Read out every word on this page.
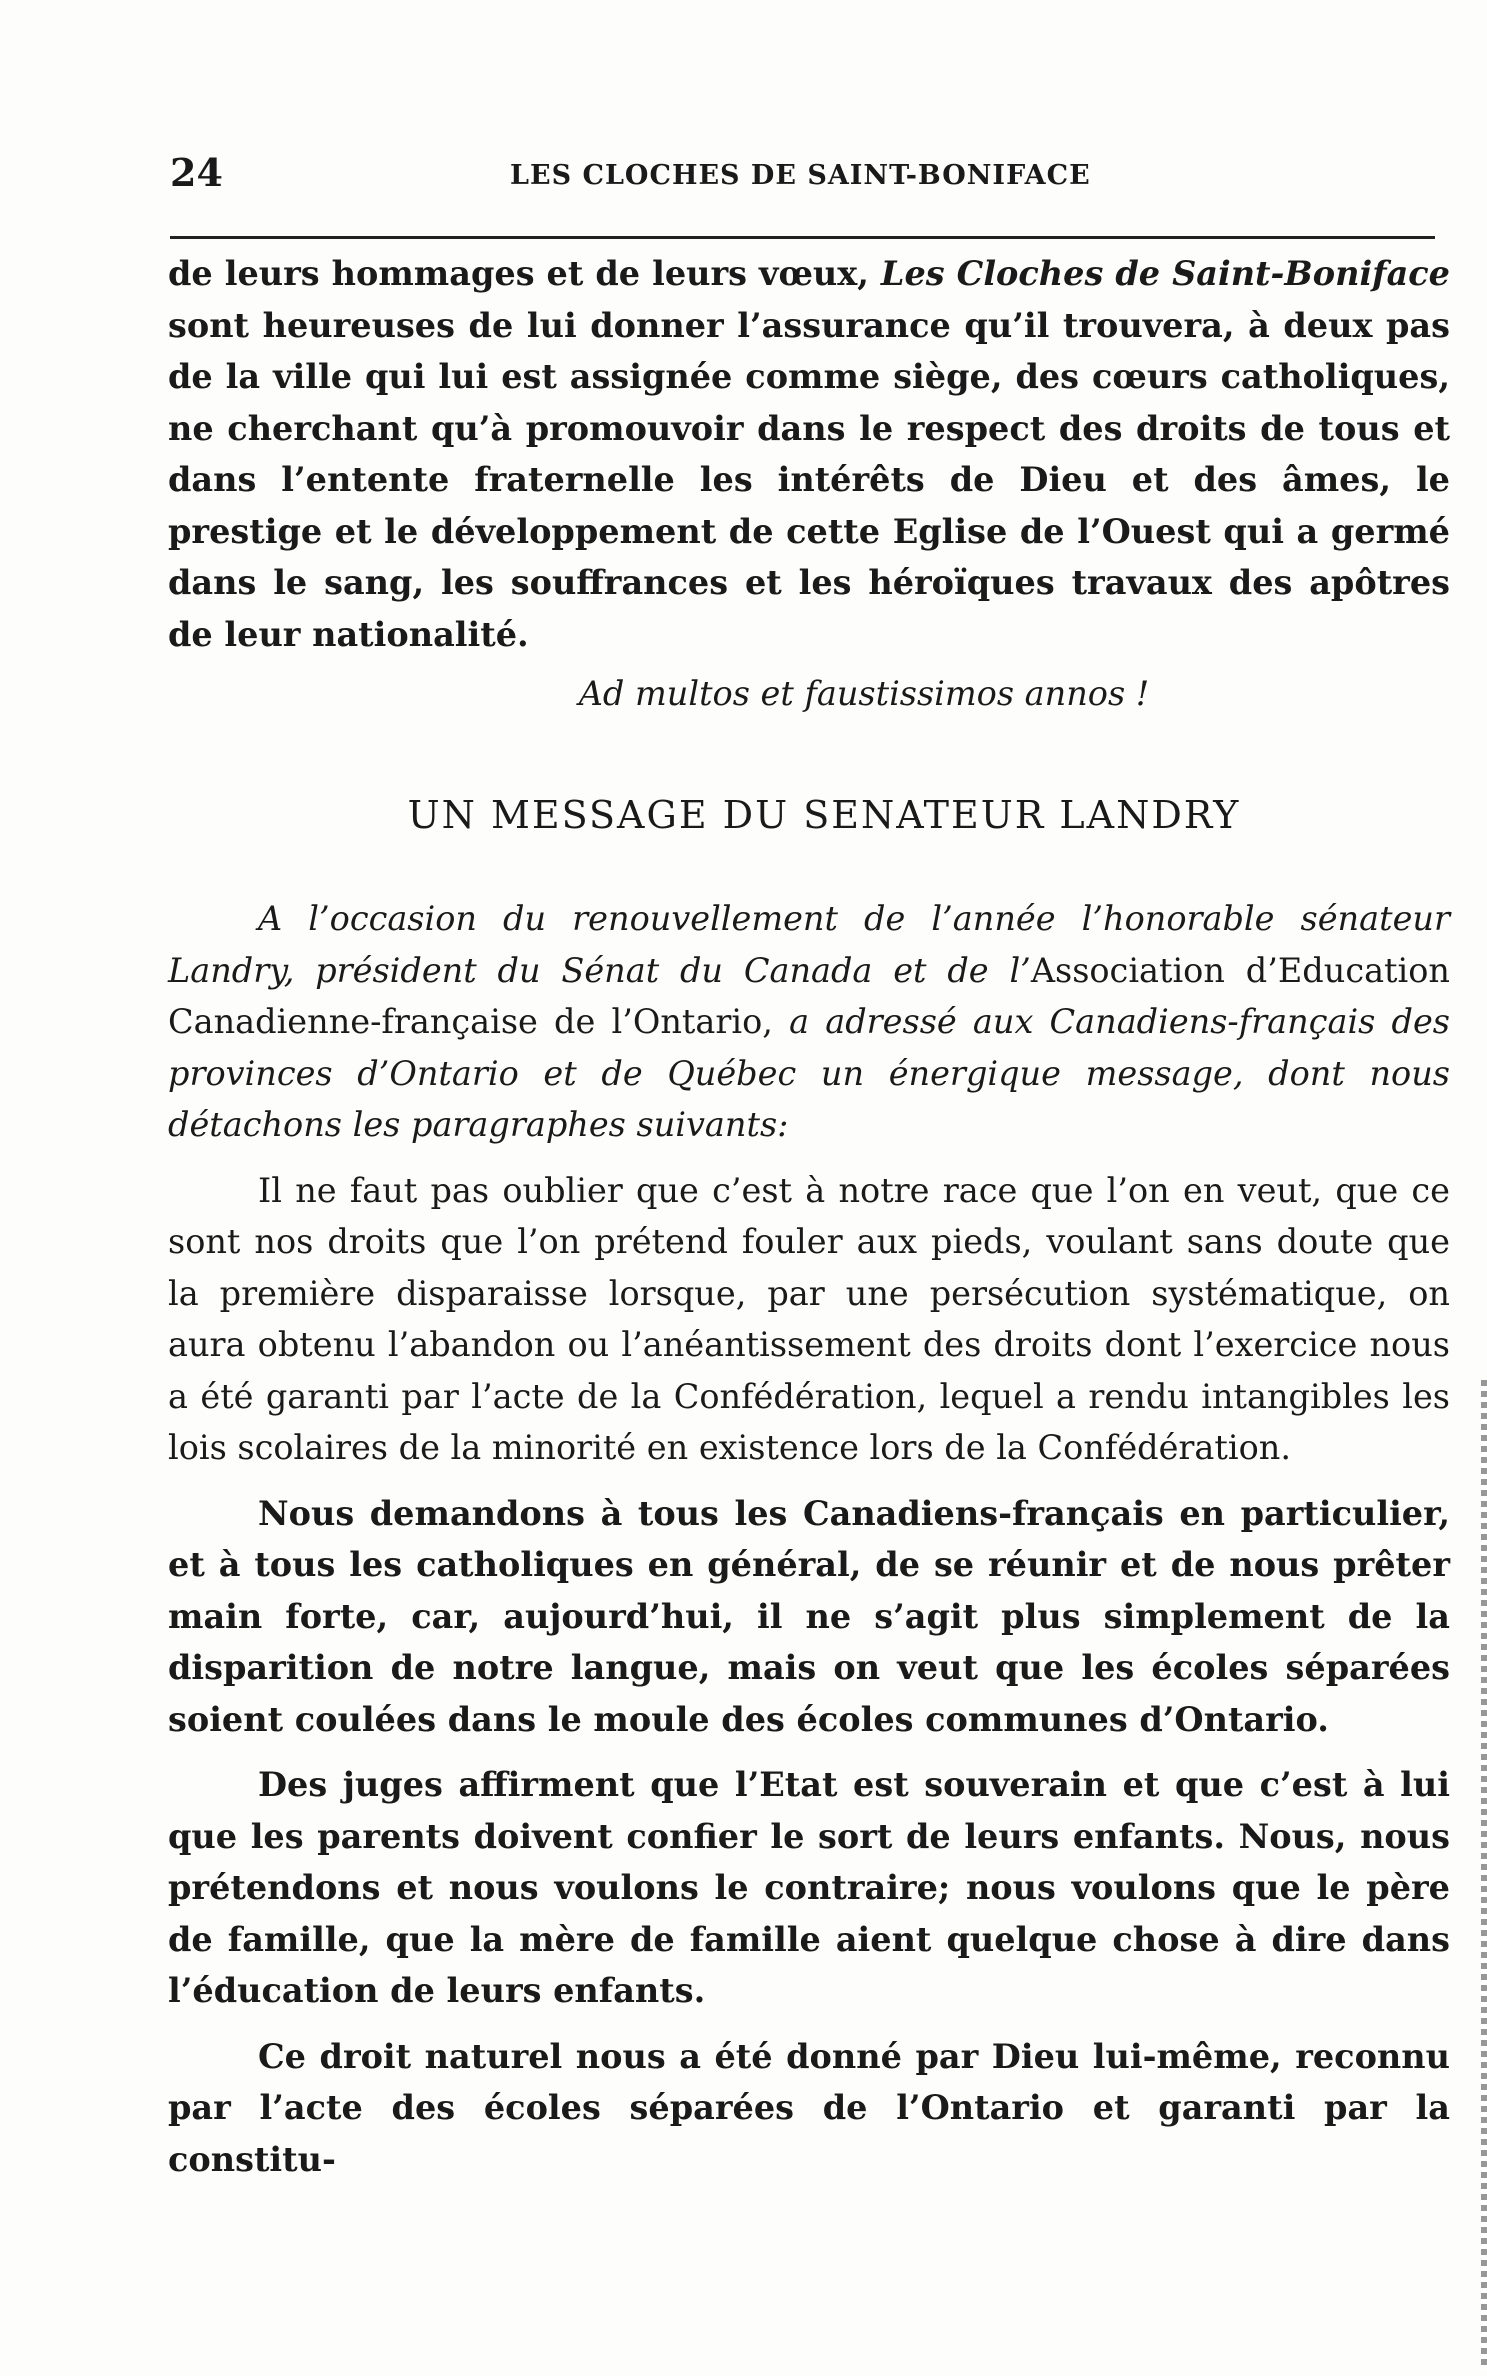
24	LES CLOCHES DE SAINT-BONIFACE

de leurs hommages et de leurs vœux, Les Cloches de Saint-Boniface sont heureuses de lui donner l’assurance qu’il trouvera, à deux pas de la ville qui lui est assignée comme siège, des cœurs catholiques, ne cherchant qu’à promouvoir dans le respect des droits de tous et dans l’entente fraternelle les intérêts de Dieu et des âmes, le prestige et le développement de cette Eglise de l’Ouest qui a germé dans le sang, les souffrances et les héroïques travaux des apôtres de leur nationalité.

Ad multos et faustissimos annos !

UN MESSAGE DU SENATEUR LANDRY

A l’occasion du renouvellement de l’année l’honorable sénateur Landry, président du Sénat du Canada et de l’Association d’Education Canadienne-française de l’Ontario, a adressé aux Canadiens-français des provinces d’Ontario et de Québec un énergique message, dont nous détachons les paragraphes suivants:

Il ne faut pas oublier que c’est à notre race que l’on en veut, que ce sont nos droits que l’on prétend fouler aux pieds, voulant sans doute que la première disparaisse lorsque, par une persécution systématique, on aura obtenu l’abandon ou l’anéantissement des droits dont l’exercice nous a été garanti par l’acte de la Confédération, lequel a rendu intangibles les lois scolaires de la minorité en existence lors de la Confédération.

Nous demandons à tous les Canadiens-français en particulier, et à tous les catholiques en général, de se réunir et de nous prêter main forte, car, aujourd’hui, il ne s’agit plus simplement de la disparition de notre langue, mais on veut que les écoles séparées soient coulées dans le moule des écoles communes d’Ontario.

Des juges affirment que l’Etat est souverain et que c’est à lui que les parents doivent confier le sort de leurs enfants. Nous, nous prétendons et nous voulons le contraire; nous voulons que le père de famille, que la mère de famille aient quelque chose à dire dans l’éducation de leurs enfants.

Ce droit naturel nous a été donné par Dieu lui-même, reconnu par l’acte des écoles séparées de l’Ontario et garanti par la constitu-
